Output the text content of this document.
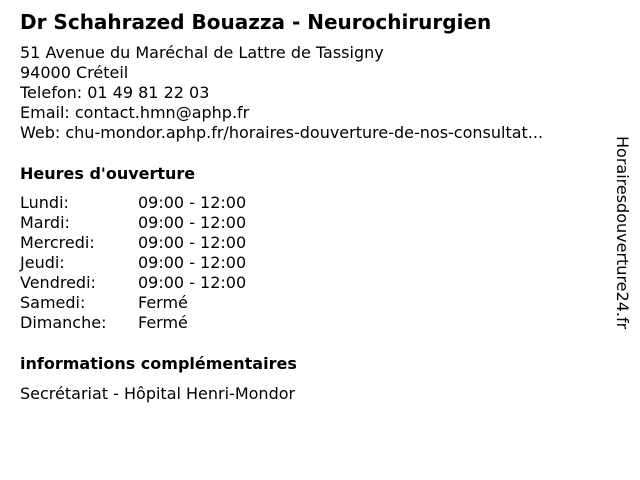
Dr Schahrazed Bouazza - Neurochirurgien
51 Avenue du Maréchal de Lattre de Tassigny
94000 Créteil
Telefon: 01 49 81 22 03
Email: contact.hmn@aphp.fr
Web: chu-mondor.aphp.fr/horaires-douverture-de-nos-consultat...
Heures d'ouverture
Lundi:	09:00 - 12:00
Mardi:	09:00 - 12:00
Mercredi:	09:00 - 12:00
Jeudi:	09:00 - 12:00
Vendredi:	09:00 - 12:00
Samedi:	Fermé
Dimanche:	Fermé
informations complémentaires
Secrétariat - Hôpital Henri-Mondor
Horairesdouverture24.fr
